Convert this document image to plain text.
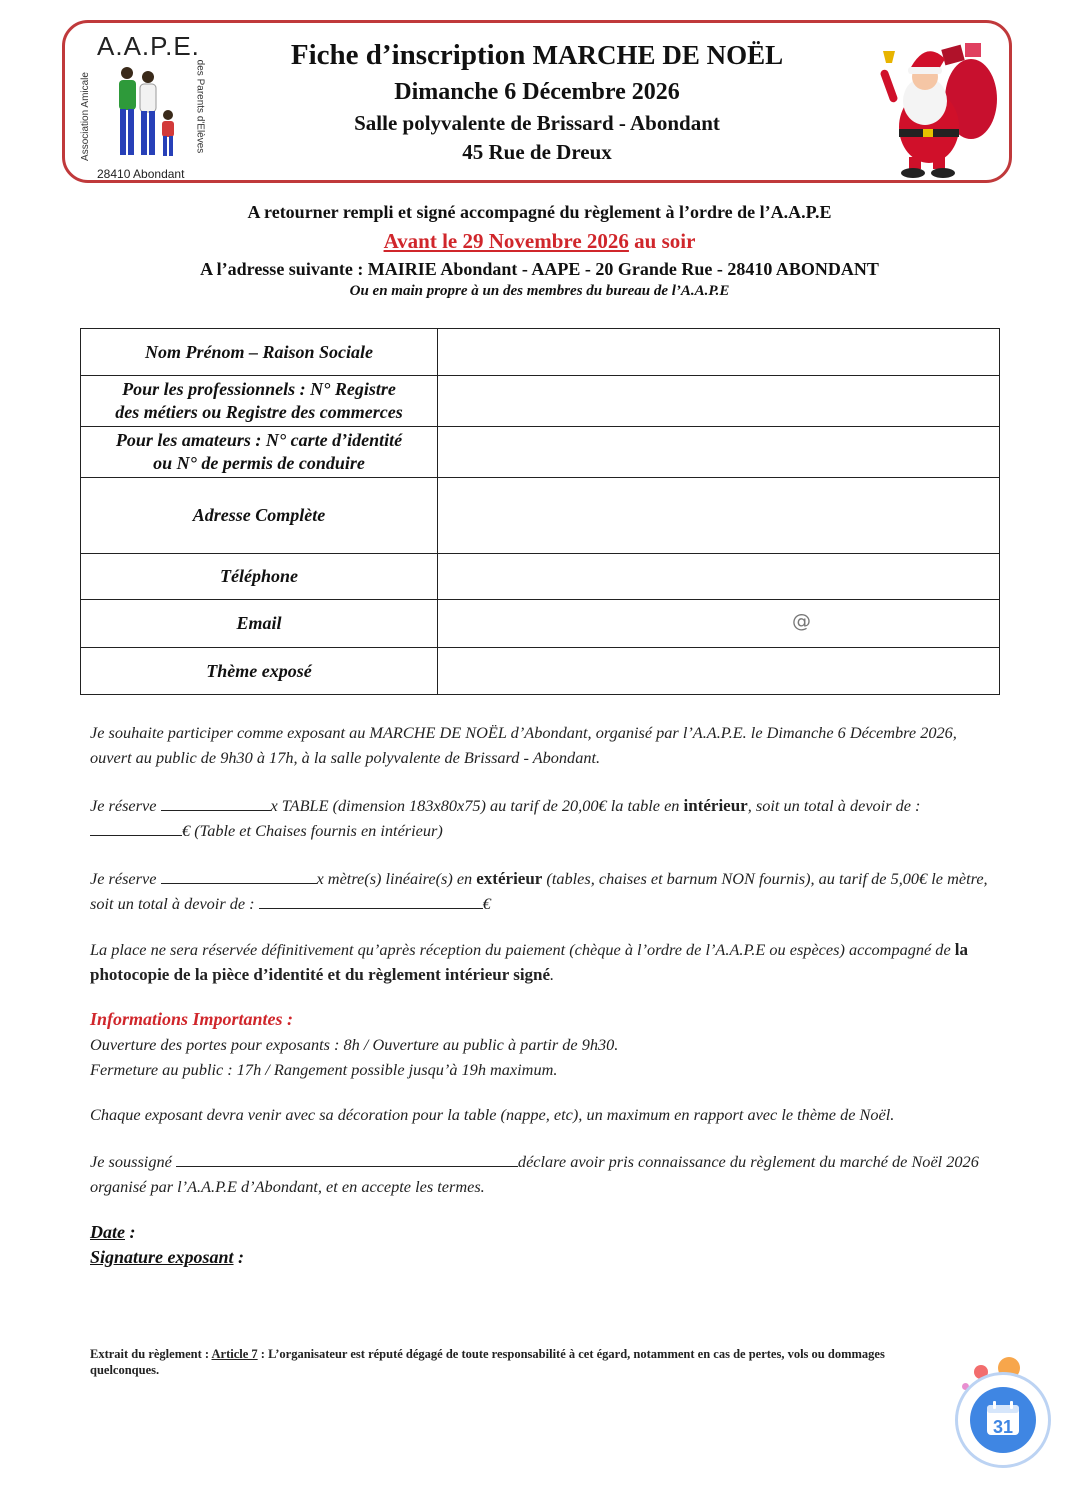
A.A.P.E.
Association Amicale	des Parents d'Elèves
28410 Abondant
Fiche d’inscription MARCHE DE NOËL
Dimanche 6 Décembre 2026
Salle polyvalente de Brissard - Abondant
45 Rue de Dreux
A retourner rempli et signé accompagné du règlement à l’ordre de l’A.A.P.E
Avant le 29 Novembre 2026 au soir
A l’adresse suivante : MAIRIE Abondant - AAPE - 20 Grande Rue - 28410 ABONDANT
Ou en main propre à un des membres du bureau de l’A.A.P.E
Nom Prénom – Raison Sociale	
Pour les professionnels : N° Registre
des métiers ou Registre des commerces	
Pour les amateurs : N° carte d’identité
ou N° de permis de conduire	
Adresse Complète	
Téléphone	
Email	@

Thème exposé	
Je souhaite participer comme exposant au MARCHE DE NOËL d’Abondant, organisé par l’A.A.P.E. le Dimanche 6 Décembre 2026, ouvert au public de 9h30 à 17h, à la salle polyvalente de Brissard - Abondant.
Je réserve	x TABLE (dimension 183x80x75) au tarif de 20,00€ la table en intérieur, soit un total à devoir de :
€ (Table et Chaises fournis en intérieur)
Je réserve	x mètre(s) linéaire(s) en extérieur (tables, chaises et barnum NON fournis), au tarif de 5,00€ le mètre, soit un total à devoir de :	€
La place ne sera réservée définitivement qu’après réception du paiement (chèque à l’ordre de l’A.A.P.E ou espèces) accompagné de la photocopie de la pièce d’identité et du règlement intérieur signé.
Informations Importantes :
Ouverture des portes pour exposants : 8h / Ouverture au public à partir de 9h30.
Fermeture au public : 17h / Rangement possible jusqu’à 19h maximum.
Chaque exposant devra venir avec sa décoration pour la table (nappe, etc), un maximum en rapport avec le thème de Noël.
Je soussigné	déclare avoir pris connaissance du règlement du marché de Noël 2026 organisé par l’A.A.P.E d’Abondant, et en accepte les termes.
Date :
Signature exposant :
Extrait du règlement : Article 7 : L’organisateur est réputé dégagé de toute responsabilité à cet égard, notamment en cas de pertes, vols ou dommages quelconques.
31
